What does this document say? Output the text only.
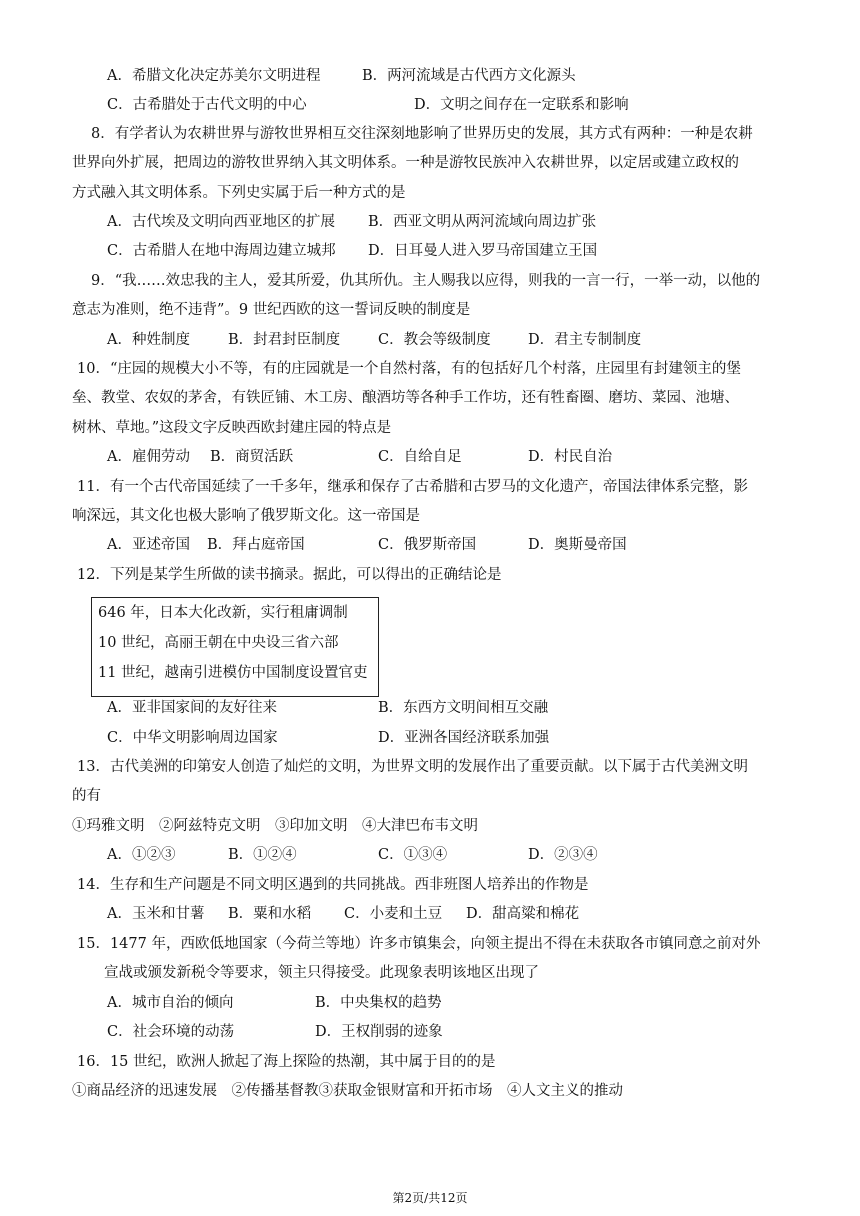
A．希腊文化决定苏美尔文明进程	B．两河流域是古代西方文化源头
C．古希腊处于古代文明的中心	D．文明之间存在一定联系和影响
8．有学者认为农耕世界与游牧世界相互交往深刻地影响了世界历史的发展，其方式有两种：一种是农耕
世界向外扩展，把周边的游牧世界纳入其文明体系。一种是游牧民族冲入农耕世界，以定居或建立政权的
方式融入其文明体系。下列史实属于后一种方式的是
A．古代埃及文明向西亚地区的扩展 B．西亚文明从两河流域向周边扩张
C．古希腊人在地中海周边建立城邦 D．日耳曼人进入罗马帝国建立王国
9．“我……效忠我的主人，爱其所爱，仇其所仇。主人赐我以应得，则我的一言一行，一举一动，以他的
意志为准则，绝不违背”。9 世纪西欧的这一誓词反映的制度是
A．种姓制度	B．封君封臣制度	C．教会等级制度	D．君主专制制度
10．“庄园的规模大小不等，有的庄园就是一个自然村落，有的包括好几个村落，庄园里有封建领主的堡
垒、教堂、农奴的茅舍，有铁匠铺、木工房、酿酒坊等各种手工作坊，还有牲畜圈、磨坊、菜园、池塘、
树林、草地。”这段文字反映西欧封建庄园的特点是
A．雇佣劳动 B．商贸活跃	C．自给自足	D．村民自治
11．有一个古代帝国延续了一千多年，继承和保存了古希腊和古罗马的文化遗产，帝国法律体系完整，影
响深远，其文化也极大影响了俄罗斯文化。这一帝国是
A．亚述帝国 B．拜占庭帝国	C．俄罗斯帝国	D．奥斯曼帝国
12．下列是某学生所做的读书摘录。据此，可以得出的正确结论是
646 年，日本大化改新，实行租庸调制
10 世纪，高丽王朝在中央设三省六部
11 世纪，越南引进模仿中国制度设置官吏
A．亚非国家间的友好往来	B．东西方文明间相互交融
C．中华文明影响周边国家	D．亚洲各国经济联系加强
13．古代美洲的印第安人创造了灿烂的文明，为世界文明的发展作出了重要贡献。以下属于古代美洲文明
的有
①玛雅文明　②阿兹特克文明　③印加文明　④大津巴布韦文明
A．①②③	B．①②④	C．①③④	D．②③④
14．生存和生产问题是不同文明区遇到的共同挑战。西非班图人培养出的作物是
A．玉米和甘薯 B．粟和水稻 C．小麦和土豆 D．甜高粱和棉花
15．1477 年，西欧低地国家（今荷兰等地）许多市镇集会，向领主提出不得在未获取各市镇同意之前对外
宣战或颁发新税令等要求，领主只得接受。此现象表明该地区出现了
A．城市自治的倾向	B．中央集权的趋势
C．社会环境的动荡	D．王权削弱的迹象
16．15 世纪，欧洲人掀起了海上探险的热潮，其中属于目的的是
①商品经济的迅速发展　②传播基督教③获取金银财富和开拓市场　④人文主义的推动
第2页/共12页
